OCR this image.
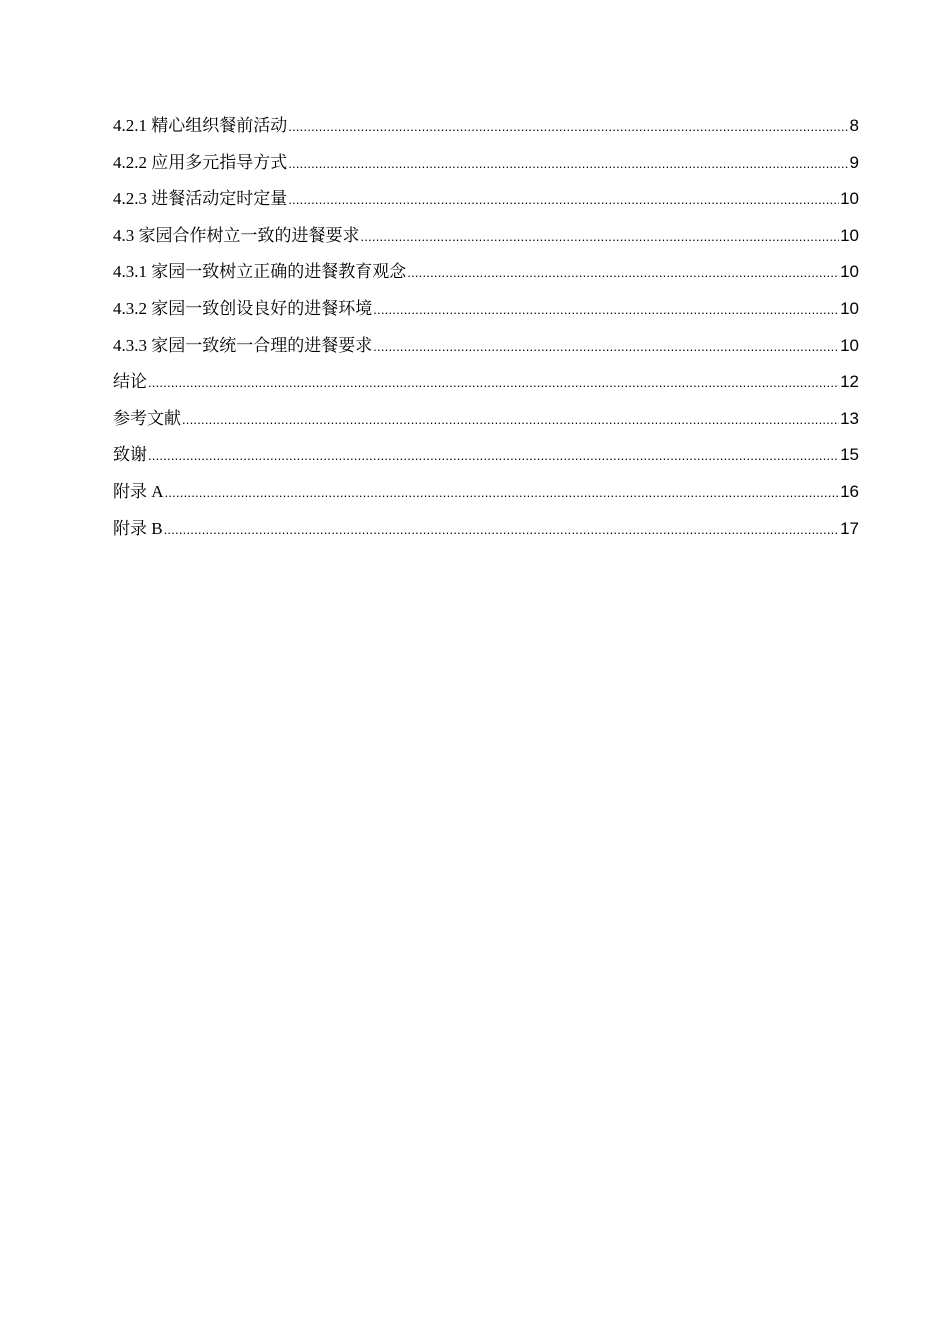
4.2.1 精心组织餐前活动 .....	8
4.2.2 应用多元指导方式 .....	9
4.2.3 进餐活动定时定量 .....	10
4.3 家园合作树立一致的进餐要求 .....	10
4.3.1 家园一致树立正确的进餐教育观念 .....	10
4.3.2 家园一致创设良好的进餐环境 .....	10
4.3.3 家园一致统一合理的进餐要求 .....	10
结论 .....	12
参考文献 .....	13
致谢 .....	15
附录 A .....	16
附录 B .....	17
